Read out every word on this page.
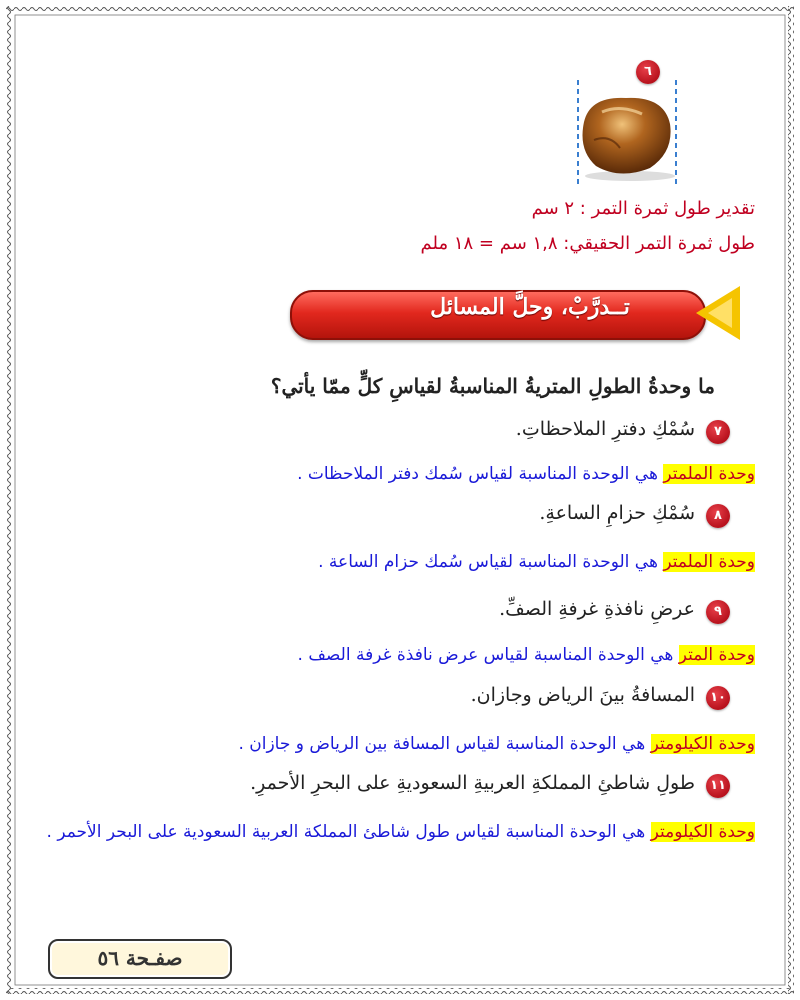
٦
تقدير طول ثمرة التمر : ٢ سم
طول ثمرة التمر الحقيقي: ١,٨ سم = ١٨ ملم
تــدرَّبْ، وحلَّ المسائل
ما وحدةُ الطولِ المتريةُ المناسبةُ لقياسِ كلٍّ ممّا يأتي؟
٧
سُمْكِ دفترِ الملاحظاتِ.
وحدة الملمتر هي الوحدة المناسبة لقياس سُمك دفتر الملاحظات .
٨
سُمْكِ حزامِ الساعةِ.
وحدة الملمتر هي الوحدة المناسبة لقياس سُمك حزام الساعة .
٩
عرضِ نافذةِ غرفةِ الصفِّ.
وحدة المتر هي الوحدة المناسبة لقياس عرض نافذة غرفة الصف .
١٠
المسافةُ بينَ الرياض وجازان.
وحدة الكيلومتر هي الوحدة المناسبة لقياس المسافة بين الرياض و جازان .
١١
طولِ شاطئِ المملكةِ العربيةِ السعوديةِ على البحرِ الأحمرِ.
وحدة الكيلومتر هي الوحدة المناسبة لقياس طول شاطئ المملكة العربية السعودية على البحر الأحمر .
صفـحة ٥٦
